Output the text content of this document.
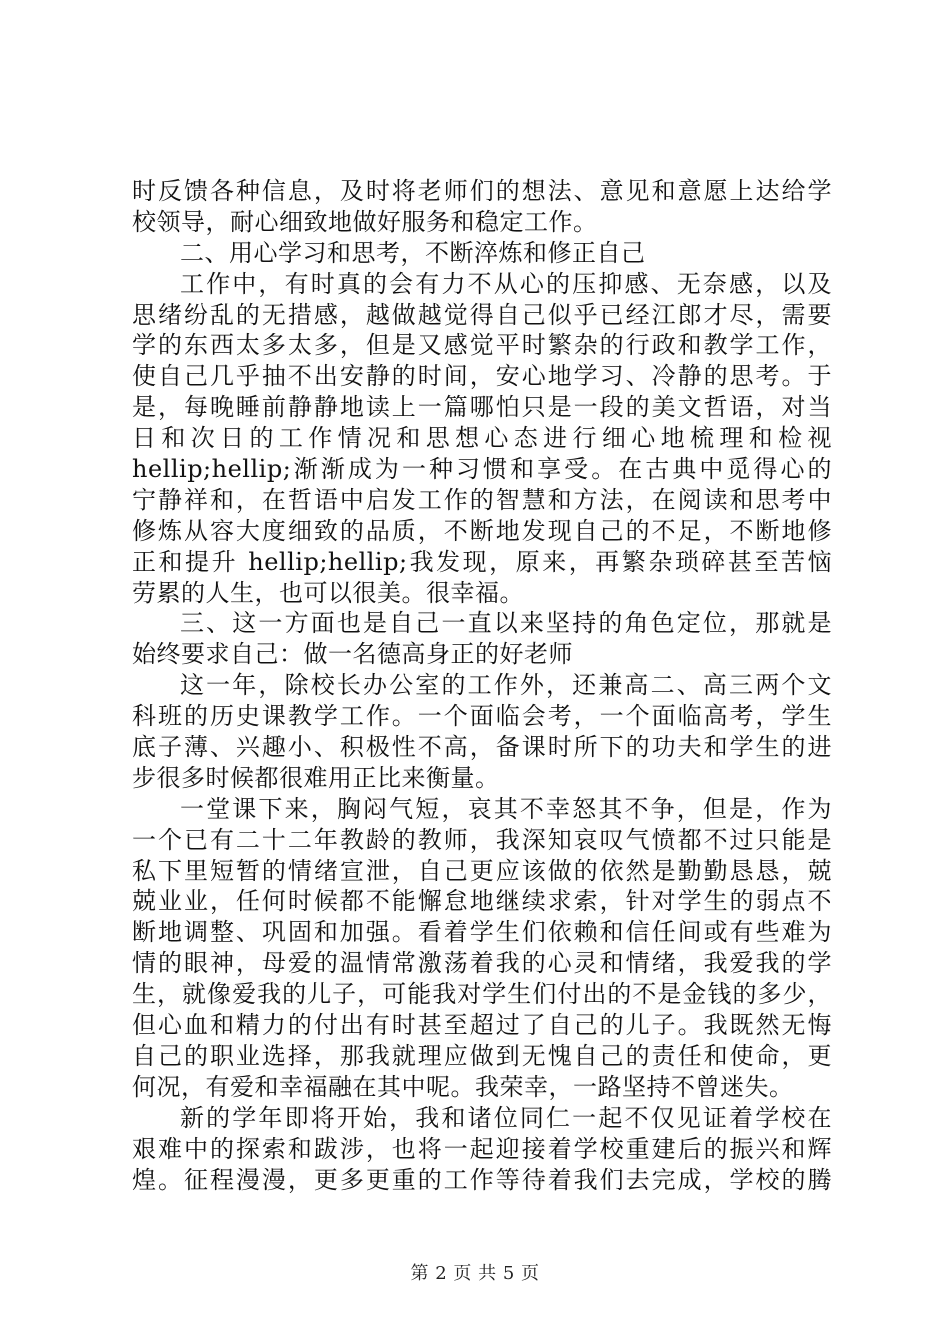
时反馈各种信息，及时将老师们的想法、意见和意愿上达给学
校领导，耐心细致地做好服务和稳定工作。
二、用心学习和思考，不断淬炼和修正自己
工作中，有时真的会有力不从心的压抑感、无奈感，以及
思绪纷乱的无措感，越做越觉得自己似乎已经江郎才尽，需要
学的东西太多太多，但是又感觉平时繁杂的行政和教学工作，
使自己几乎抽不出安静的时间，安心地学习、冷静的思考。于
是，每晚睡前静静地读上一篇哪怕只是一段的美文哲语，对当
日和次日的工作情况和思想心态进行细心地梳理和检视
hellip;hellip;渐渐成为一种习惯和享受。在古典中觅得心的
宁静祥和，在哲语中启发工作的智慧和方法，在阅读和思考中
修炼从容大度细致的品质，不断地发现自己的不足，不断地修
正和提升 hellip;hellip;我发现，原来，再繁杂琐碎甚至苦恼
劳累的人生，也可以很美。很幸福。
三、这一方面也是自己一直以来坚持的角色定位，那就是
始终要求自己：做一名德高身正的好老师
这一年，除校长办公室的工作外，还兼高二、高三两个文
科班的历史课教学工作。一个面临会考，一个面临高考，学生
底子薄、兴趣小、积极性不高，备课时所下的功夫和学生的进
步很多时候都很难用正比来衡量。
一堂课下来，胸闷气短，哀其不幸怒其不争，但是，作为
一个已有二十二年教龄的教师，我深知哀叹气愤都不过只能是
私下里短暂的情绪宣泄，自己更应该做的依然是勤勤恳恳，兢
兢业业，任何时候都不能懈怠地继续求索，针对学生的弱点不
断地调整、巩固和加强。看着学生们依赖和信任间或有些难为
情的眼神，母爱的温情常激荡着我的心灵和情绪，我爱我的学
生，就像爱我的儿子，可能我对学生们付出的不是金钱的多少，
但心血和精力的付出有时甚至超过了自己的儿子。我既然无悔
自己的职业选择，那我就理应做到无愧自己的责任和使命，更
何况，有爱和幸福融在其中呢。我荣幸，一路坚持不曾迷失。
新的学年即将开始，我和诸位同仁一起不仅见证着学校在
艰难中的探索和跋涉，也将一起迎接着学校重建后的振兴和辉
煌。征程漫漫，更多更重的工作等待着我们去完成，学校的腾
第 2 页 共 5 页
